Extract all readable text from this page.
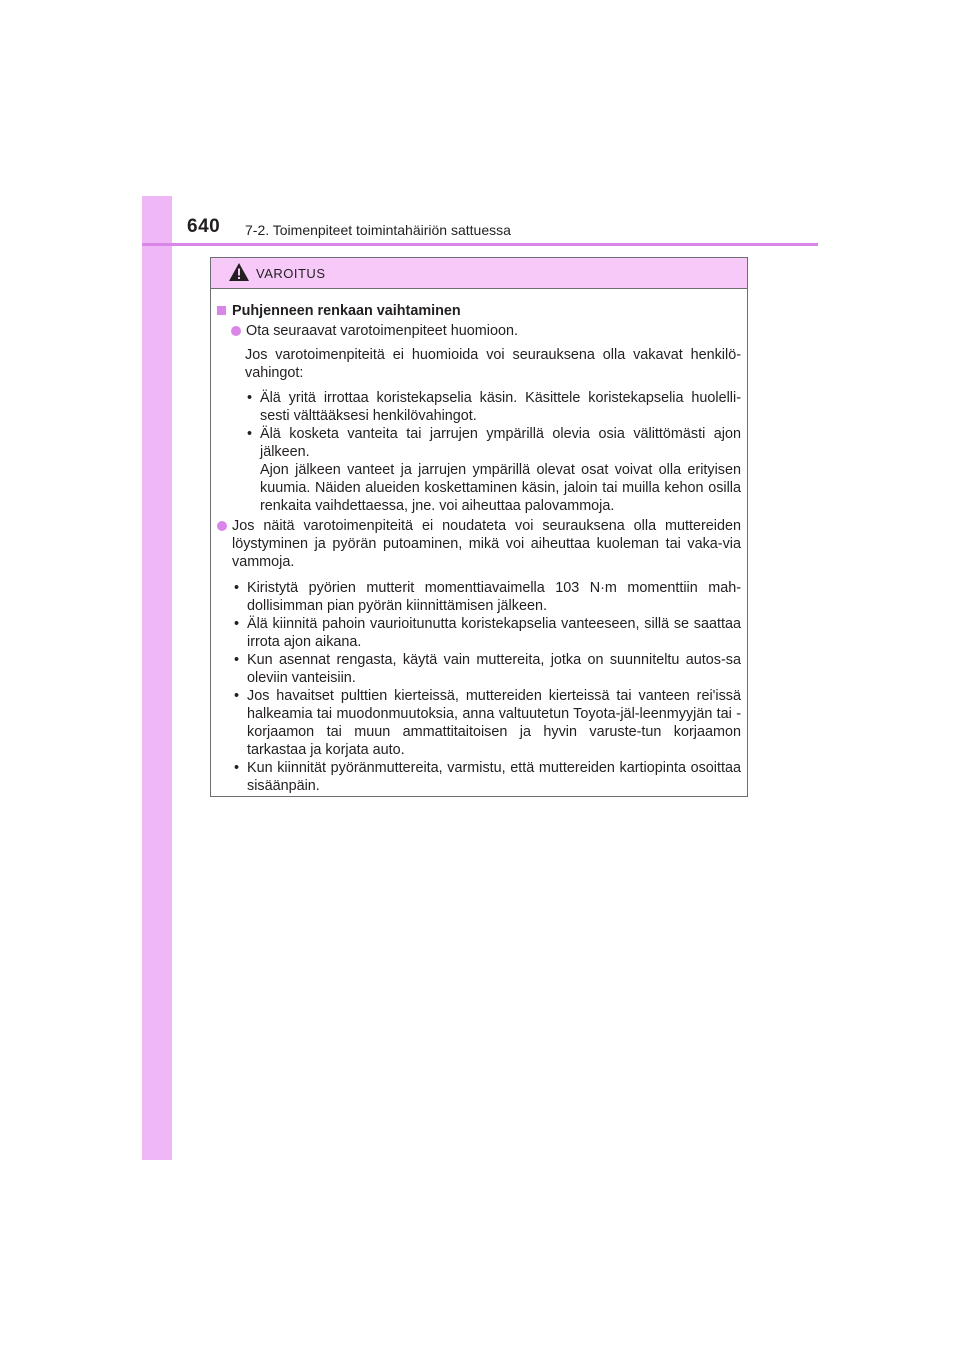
640 7-2. Toimenpiteet toimintahäiriön sattuessa
VAROITUS
Puhjenneen renkaan vaihtaminen
Ota seuraavat varotoimenpiteet huomioon.
Jos varotoimenpiteitä ei huomioida voi seurauksena olla vakavat henkilö-vahingot:
• Älä yritä irrottaa koristekapselia käsin. Käsittele koristekapselia huolelli-sesti välttääksesi henkilövahingot.
• Älä kosketa vanteita tai jarrujen ympärillä olevia osia välittömästi ajon jälkeen.
Ajon jälkeen vanteet ja jarrujen ympärillä olevat osat voivat olla erityisen kuumia. Näiden alueiden koskettaminen käsin, jaloin tai muilla kehon osilla renkaita vaihdettaessa, jne. voi aiheuttaa palovammoja.
Jos näitä varotoimenpiteitä ei noudateta voi seurauksena olla muttereiden löystyminen ja pyörän putoaminen, mikä voi aiheuttaa kuoleman tai vaka-via vammoja.
• Kiristytä pyörien mutterit momenttiavaimella 103 N·m momenttiin mah-dollisimman pian pyörän kiinnittämisen jälkeen.
• Älä kiinnitä pahoin vaurioitunutta koristekapselia vanteeseen, sillä se saattaa irrota ajon aikana.
• Kun asennat rengasta, käytä vain muttereita, jotka on suunniteltu autos-sa oleviin vanteisiin.
• Jos havaitset pulttien kierteissä, muttereiden kierteissä tai vanteen rei'issä halkeamia tai muodonmuutoksia, anna valtuutetun Toyota-jäl-leenmyyjän tai -korjaamon tai muun ammattitaitoisen ja hyvin varuste-tun korjaamon tarkastaa ja korjata auto.
• Kun kiinnität pyöränmuttereita, varmistu, että muttereiden kartiopinta osoittaa sisäänpäin.
